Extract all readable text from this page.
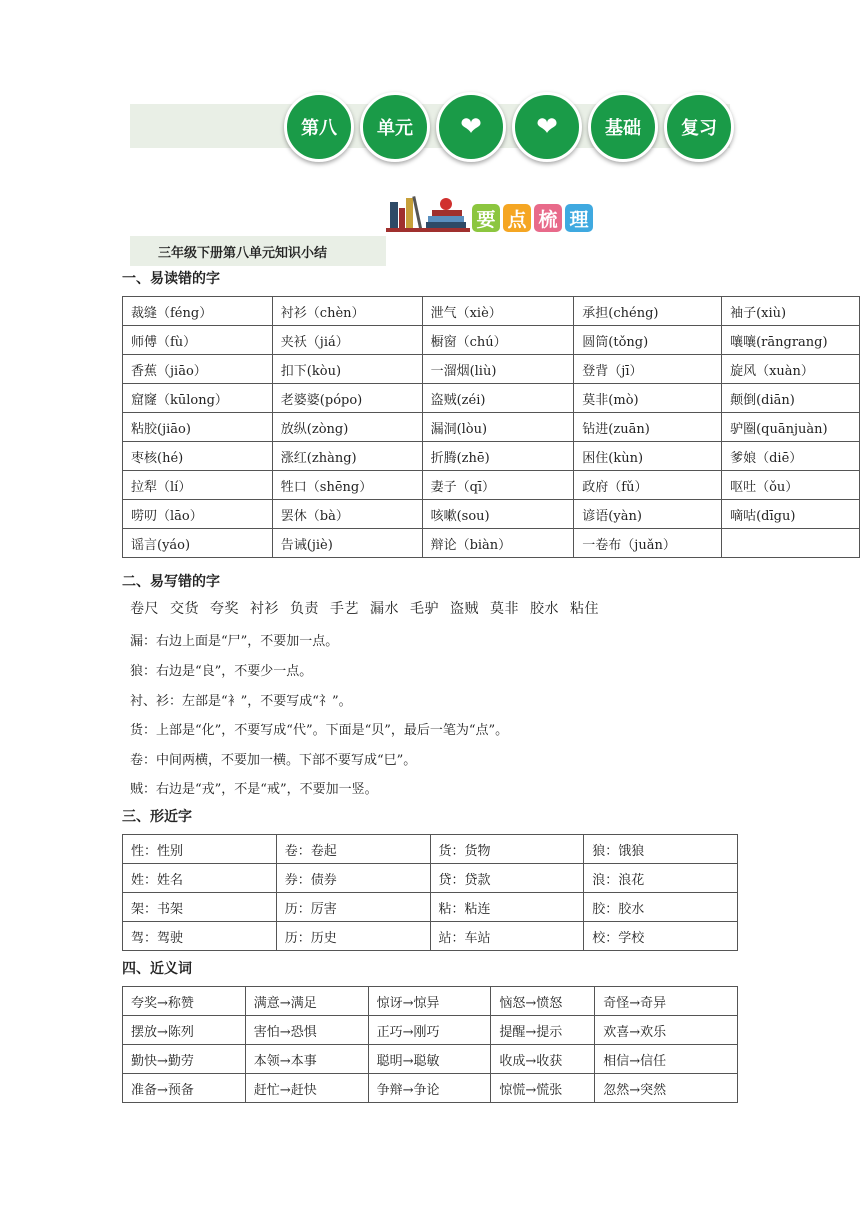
第八	单元	❤ ❤	基础	复习
要 点 梳 理
三年级下册第八单元知识小结
一、易读错的字
裁缝（féng）	衬衫（chèn）	泄气（xiè）	承担(chéng)	袖子(xiù)
师傅（fù）	夹袄（jiá）	橱窗（chú）	圆筒(tǒng)	嚷嚷(rāngrang)
香蕉（jiāo）	扣下(kòu)	一溜烟(liù)	登背（jī）	旋风（xuàn）
窟窿（kūlong）	老婆婆(pópo)	盗贼(zéi)	莫非(mò)	颠倒(diān)
粘胶(jiāo)	放纵(zòng)	漏洞(lòu)	钻进(zuān)	驴圈(quānjuàn)
枣核(hé)	涨红(zhàng)	折腾(zhē)	困住(kùn)	爹娘（diē）
拉犁（lí）	牲口（shēng）	妻子（qī）	政府（fǔ）	呕吐（ǒu）
唠叨（lāo）	罢休（bà）	咳嗽(sou)	谚语(yàn)	嘀咕(dīgu)
谣言(yáo)	告诫(jiè)	辩论（biàn）	一卷布（juǎn）	
二、易写错的字
卷尺 交货 夸奖 衬衫 负责 手艺 漏水 毛驴 盗贼 莫非 胶水 粘住
漏：右边上面是“尸”，不要加一点。
狼：右边是“良”，不要少一点。
衬、衫：左部是“衤”，不要写成“礻”。
货：上部是“化”，不要写成“代”。下面是“贝”，最后一笔为“点”。
卷：中间两横，不要加一横。下部不要写成“巳”。
贼：右边是“戎”，不是“戒”，不要加一竖。
三、形近字
性：性别	卷：卷起	货：货物	狼：饿狼
姓：姓名	券：债券	贷：贷款	浪：浪花
架：书架	历：厉害	粘：粘连	胶：胶水
驾：驾驶	历：历史	站：车站	校：学校
四、近义词
夸奖→称赞	满意→满足	惊讶→惊异	恼怒→愤怒	奇怪→奇异
摆放→陈列	害怕→恐惧	正巧→刚巧	提醒→提示	欢喜→欢乐
勤快→勤劳	本领→本事	聪明→聪敏	收成→收获	相信→信任
准备→预备	赶忙→赶快	争辩→争论	惊慌→慌张	忽然→突然
